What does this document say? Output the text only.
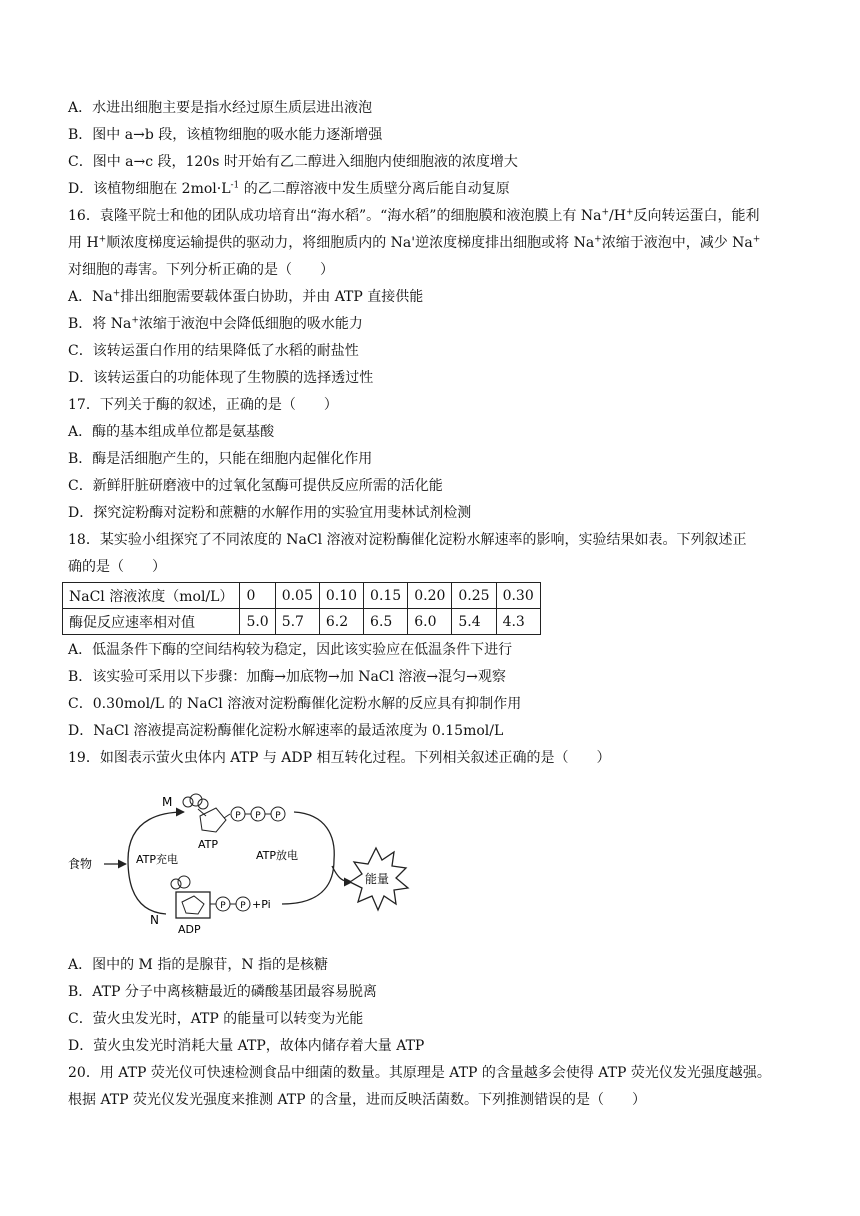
A．水进出细胞主要是指水经过原生质层进出液泡
B．图中 a→b 段，该植物细胞的吸水能力逐渐增强
C．图中 a→c 段，120s 时开始有乙二醇进入细胞内使细胞液的浓度增大
D．该植物细胞在 $2mol\cdot L^{-1}$ 的乙二醇溶液中发生质壁分离后能自动复原
16．袁隆平院士和他的团队成功培育出“海水稻”。“海水稻”的细胞膜和液泡膜上有 Na+/H+反向转运蛋白，能利
用 H+顺浓度梯度运输提供的驱动力，将细胞质内的 Na'逆浓度梯度排出细胞或将 Na+浓缩于液泡中，减少 Na+
对细胞的毒害。下列分析正确的是（　　）
A．Na+排出细胞需要载体蛋白协助，并由 ATP 直接供能
B．将 Na+浓缩于液泡中会降低细胞的吸水能力
C．该转运蛋白作用的结果降低了水稻的耐盐性
D．该转运蛋白的功能体现了生物膜的选择透过性
17．下列关于酶的叙述，正确的是（　　）
A．酶的基本组成单位都是氨基酸
B．酶是活细胞产生的，只能在细胞内起催化作用
C．新鲜肝脏研磨液中的过氧化氢酶可提供反应所需的活化能
D．探究淀粉酶对淀粉和蔗糖的水解作用的实验宜用斐林试剂检测
18．某实验小组探究了不同浓度的 NaCl 溶液对淀粉酶催化淀粉水解速率的影响，实验结果如表。下列叙述正
确的是（　　）
NaCl 溶液浓度（mol/L）	0	0.05	0.10	0.15	0.20	0.25	0.30
酶促反应速率相对值	5.0	5.7	6.2	6.5	6.0	5.4	4.3
A．低温条件下酶的空间结构较为稳定，因此该实验应在低温条件下进行
B．该实验可采用以下步骤：加酶→加底物→加 NaCl 溶液→混匀→观察
C．0.30mol/L 的 NaCl 溶液对淀粉酶催化淀粉水解的反应具有抑制作用
D．NaCl 溶液提高淀粉酶催化淀粉水解速率的最适浓度为 0.15mol/L
19．如图表示萤火虫体内 ATP 与 ADP 相互转化过程。下列相关叙述正确的是（　　）
P P P
P P +Pi
M
N
ATP
ADP
食物	ATP充电	ATP放电
能量
A．图中的 M 指的是腺苷，N 指的是核糖
B．ATP 分子中离核糖最近的磷酸基团最容易脱离
C．萤火虫发光时，ATP 的能量可以转变为光能
D．萤火虫发光时消耗大量 ATP，故体内储存着大量 ATP
20．用 ATP 荧光仪可快速检测食品中细菌的数量。其原理是 ATP 的含量越多会使得 ATP 荧光仪发光强度越强。
根据 ATP 荧光仪发光强度来推测 ATP 的含量，进而反映活菌数。下列推测错误的是（　　）
